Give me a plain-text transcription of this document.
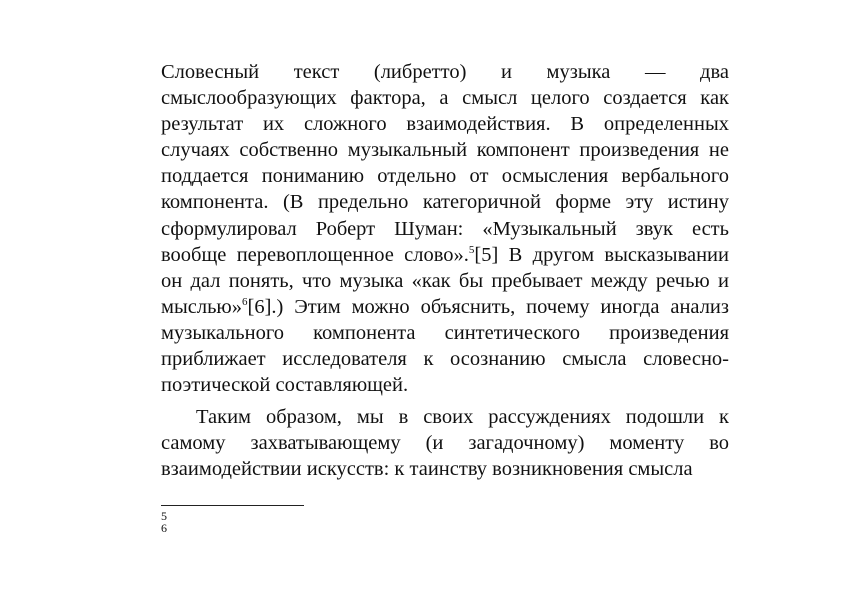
Словесный текст (либретто) и музыка — два смыслообразующих фактора, а смысл целого создается как результат их сложного взаимодействия. В определенных случаях собственно музыкальный компонент произведения не поддается пониманию отдельно от осмысления вербального компонента. (В предельно категоричной форме эту истину сформулировал Роберт Шуман: «Музыкальный звук есть вообще перевоплощенное слово».$^5$[5] В другом высказывании он дал понять, что музыка «как бы пребывает между речью и мыслью»$^6$[6].) Этим можно объяснить, почему иногда анализ музыкального компонента синтетического произведения приближает исследователя к осознанию смысла словесно-поэтической составляющей.

Таким образом, мы в своих рассуждениях подошли к самому захватывающему (и загадочному) моменту во взаимодействии искусств: к таинству возникновения смысла

5
6
